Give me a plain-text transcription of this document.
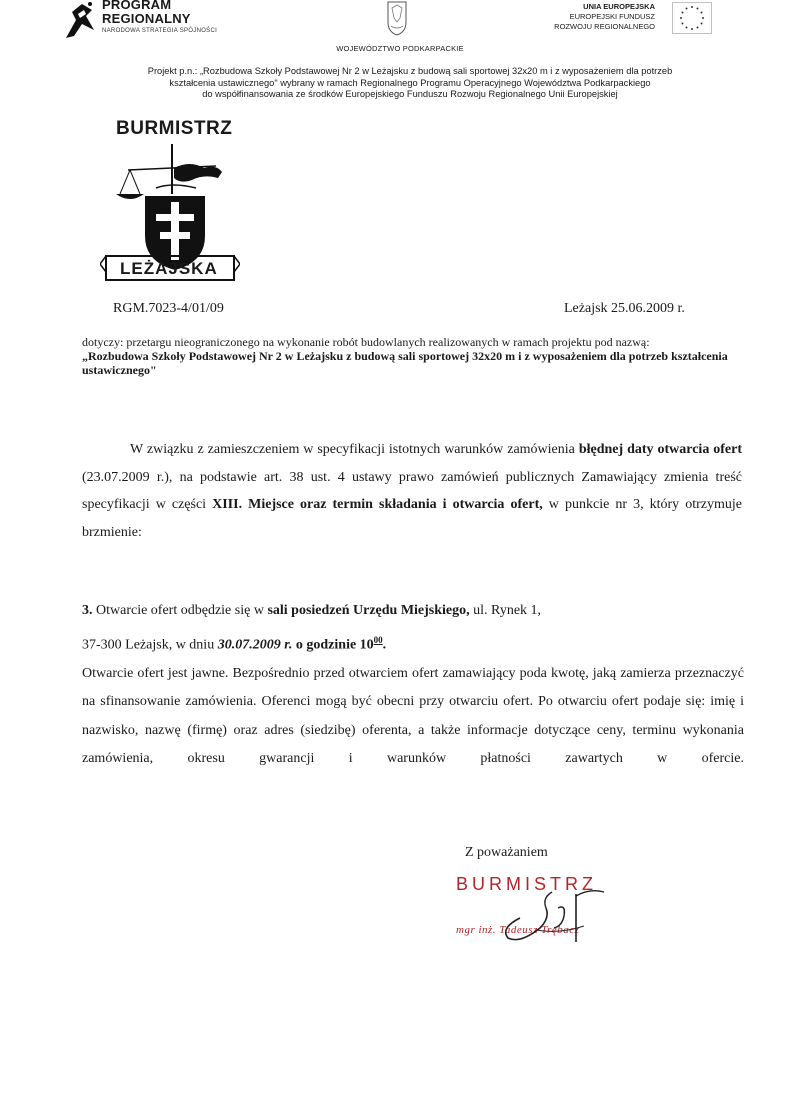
PROGRAM
REGIONALNY
NARODOWA STRATEGIA SPÓJNOŚCI
WOJEWÓDZTWO PODKARPACKIE
UNIA EUROPEJSKA
EUROPEJSKI FUNDUSZ
ROZWOJU REGIONALNEGO
Projekt p.n.: „Rozbudowa Szkoły Podstawowej Nr 2 w Leżajsku z budową sali sportowej 32x20 m i z wyposażeniem dla potrzeb
kształcenia ustawicznego" wybrany w ramach Regionalnego Programu Operacyjnego Województwa Podkarpackiego
do współfinansowania ze środków Europejskiego Funduszu Rozwoju Regionalnego Unii Europejskiej
BURMISTRZ
LEŻAJSKA
RGM.7023-4/01/09	Leżajsk 25.06.2009 r.
dotyczy: przetargu nieograniczonego na wykonanie robót budowlanych realizowanych w ramach projektu pod nazwą:
„Rozbudowa Szkoły Podstawowej Nr 2 w Leżajsku z budową sali sportowej 32x20 m i z wyposażeniem dla potrzeb kształcenia ustawicznego"
W związku z zamieszczeniem w specyfikacji istotnych warunków zamówienia błędnej daty otwarcia ofert (23.07.2009 r.), na podstawie art. 38 ust. 4 ustawy prawo zamówień publicznych Zamawiający zmienia treść specyfikacji w części XIII. Miejsce oraz termin składania i otwarcia ofert, w punkcie nr 3, który otrzymuje brzmienie:
3. Otwarcie ofert odbędzie się w sali posiedzeń Urzędu Miejskiego, ul. Rynek 1,
37-300 Leżajsk, w dniu 30.07.2009 r. o godzinie $10^{00}$.
Otwarcie ofert jest jawne. Bezpośrednio przed otwarciem ofert zamawiający poda kwotę, jaką zamierza przeznaczyć na sfinansowanie zamówienia. Oferenci mogą być obecni przy otwarciu ofert. Po otwarciu ofert podaje się: imię i nazwisko, nazwę (firmę) oraz adres (siedzibę) oferenta, a także informacje dotyczące ceny, terminu wykonania zamówienia, okresu gwarancji i warunków płatności zawartych w ofercie.
Z poważaniem
BURMISTRZ
mgr inż. Tadeusz Trębacz
